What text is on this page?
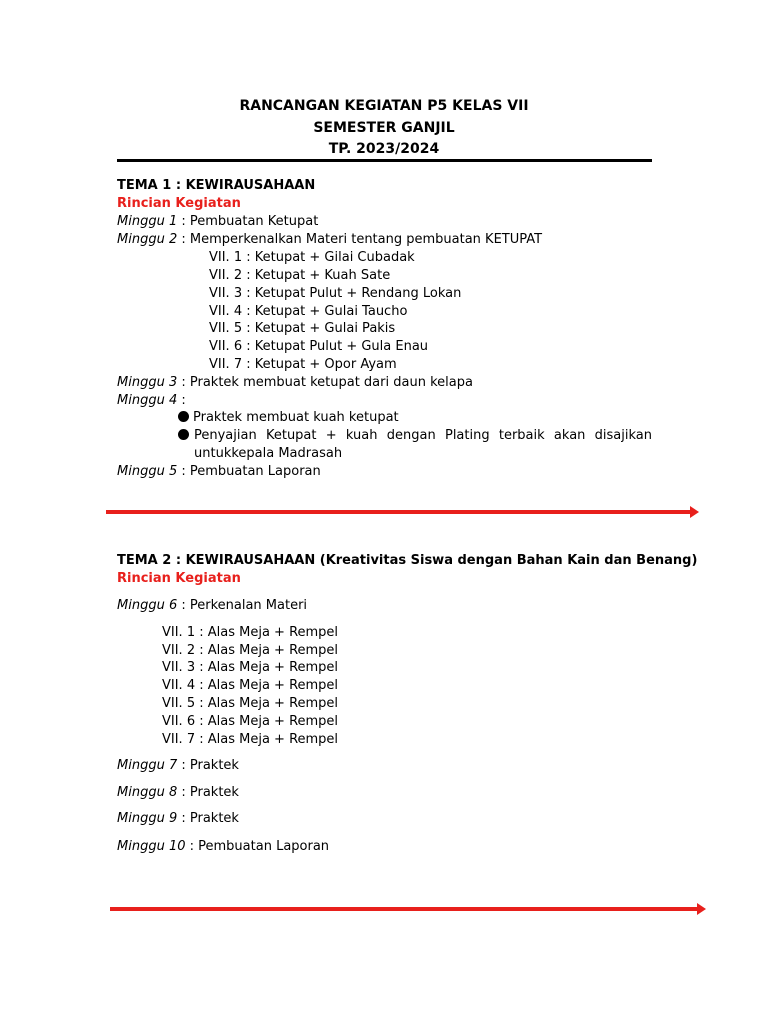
RANCANGAN KEGIATAN P5 KELAS VII
SEMESTER GANJIL
TP. 2023/2024
TEMA 1 : KEWIRAUSAHAAN
Rincian Kegiatan
Minggu 1 : Pembuatan Ketupat
Minggu 2 : Memperkenalkan Materi tentang pembuatan KETUPAT
VII. 1 : Ketupat + Gilai Cubadak
VII. 2 : Ketupat + Kuah Sate
VII. 3 : Ketupat Pulut + Rendang Lokan
VII. 4 : Ketupat + Gulai Taucho
VII. 5 : Ketupat + Gulai Pakis
VII. 6 : Ketupat Pulut + Gula Enau
VII. 7 : Ketupat + Opor Ayam
Minggu 3 : Praktek membuat ketupat dari daun kelapa
Minggu 4 :
Praktek membuat kuah ketupat
Penyajian Ketupat + kuah dengan Plating terbaik akan disajikan
untukkepala Madrasah
Minggu 5 : Pembuatan Laporan
TEMA 2 : KEWIRAUSAHAAN (Kreativitas Siswa dengan Bahan Kain dan Benang)
Rincian Kegiatan
Minggu 6 : Perkenalan Materi
VII. 1 : Alas Meja + Rempel
VII. 2 : Alas Meja + Rempel
VII. 3 : Alas Meja + Rempel
VII. 4 : Alas Meja + Rempel
VII. 5 : Alas Meja + Rempel
VII. 6 : Alas Meja + Rempel
VII. 7 : Alas Meja + Rempel
Minggu 7 : Praktek
Minggu 8 : Praktek
Minggu 9 : Praktek
Minggu 10 : Pembuatan Laporan
